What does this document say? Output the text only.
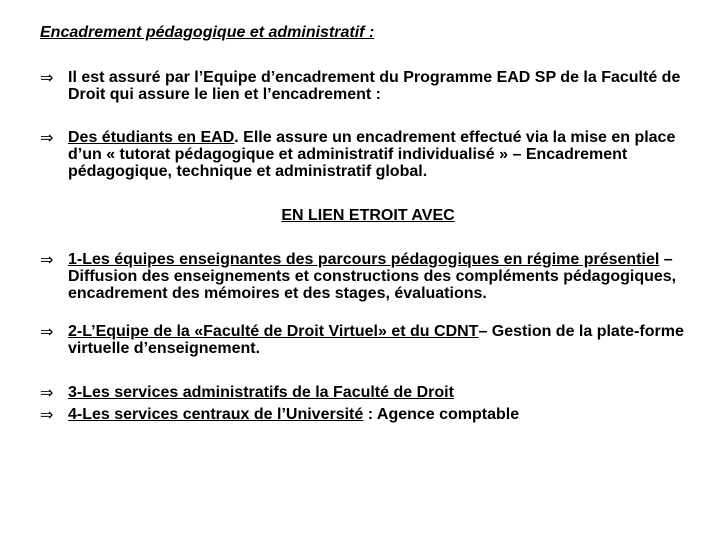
Encadrement pédagogique et administratif :
⇒ Il est assuré par l’Equipe d’encadrement du Programme EAD SP de la Faculté de Droit qui assure le lien et l’encadrement :
⇒ Des étudiants en EAD. Elle assure un encadrement effectué via la mise en place d’un « tutorat pédagogique et administratif individualisé » – Encadrement pédagogique, technique et administratif global.
EN LIEN ETROIT AVEC
⇒ 1-Les équipes enseignantes des parcours pédagogiques en régime présentiel – Diffusion des enseignements et constructions des compléments pédagogiques, encadrement des mémoires et des stages, évaluations.
⇒ 2-L’Equipe de la «Faculté de Droit Virtuel» et du CDNT– Gestion de la plate-forme virtuelle d’enseignement.
⇒ 3-Les services administratifs de la Faculté de Droit
⇒ 4-Les services centraux de l’Université : Agence comptable
